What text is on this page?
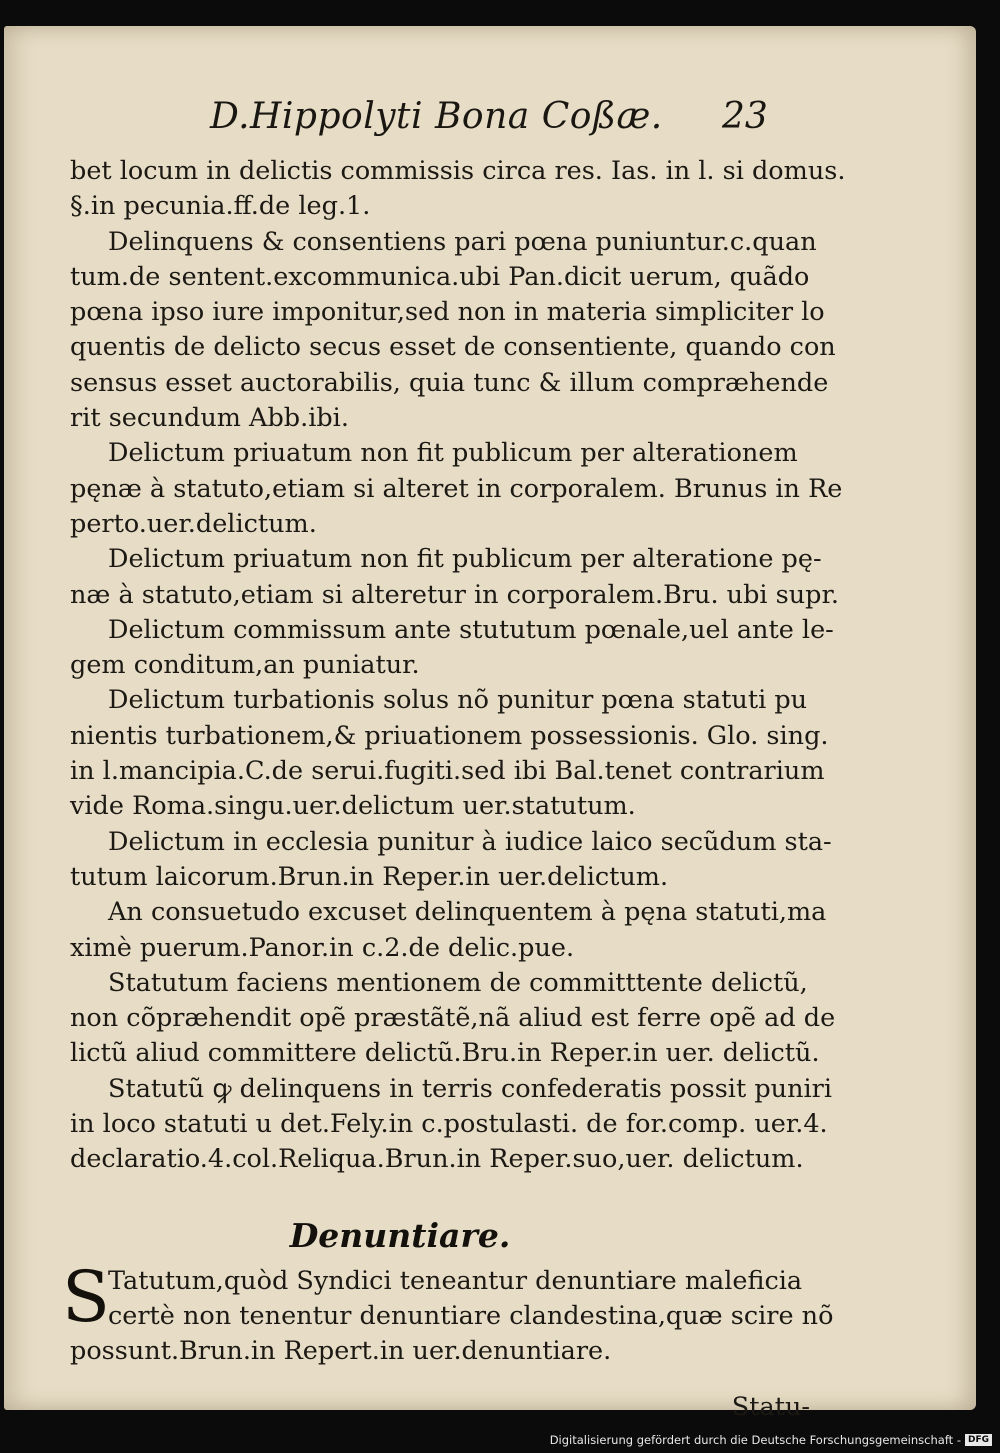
D.Hippolyti Bona Coßæ. 23
bet locum in delictis commissis circa res. Ias. in l. si domus.
§.in pecunia.ff.de leg.1.
Delinquens & consentiens pari pœna puniuntur.c.quan
tum.de sentent.excommunica.ubi Pan.dicit uerum, quãdo
pœna ipso iure imponitur,sed non in materia simpliciter lo
quentis de delicto secus esset de consentiente, quando con
sensus esset auctorabilis, quia tunc & illum compræhende
rit secundum Abb.ibi.
Delictum priuatum non fit publicum per alterationem
pęnæ à statuto,etiam si alteret in corporalem. Brunus in Re
perto.uer.delictum.
Delictum priuatum non fit publicum per alteratione pę-
næ à statuto,etiam si alteretur in corporalem.Bru. ubi supr.
Delictum commissum ante stututum pœnale,uel ante le-
gem conditum,an puniatur.
Delictum turbationis solus nõ punitur pœna statuti pu
nientis turbationem,& priuationem possessionis. Glo. sing.
in l.mancipia.C.de serui.fugiti.sed ibi Bal.tenet contrarium
vide Roma.singu.uer.delictum uer.statutum.
Delictum in ecclesia punitur à iudice laico secũdum sta-
tutum laicorum.Brun.in Reper.in uer.delictum.
An consuetudo excuset delinquentem à pęna statuti,ma
ximè puerum.Panor.in c.2.de delic.pue.
Statutum faciens mentionem de committtente delictũ,
non cõpræhendit opẽ præstãtẽ,nã aliud est ferre opẽ ad de
lictũ aliud committere delictũ.Bru.in Reper.in uer. delictũ.
Statutũ ꝙ delinquens in terris confederatis possit puniri
in loco statuti u det.Fely.in c.postulasti. de for.comp. uer.4.
declaratio.4.col.Reliqua.Brun.in Reper.suo,uer. delictum.
Denuntiare.
S
Tatutum,quòd Syndici teneantur denuntiare maleficia
certè non tenentur denuntiare clandestina,quæ scire nõ
possunt.Brun.in Repert.in uer.denuntiare.
Statu-
Digitalisierung gefördert durch die Deutsche Forschungsgemeinschaft - DFG
